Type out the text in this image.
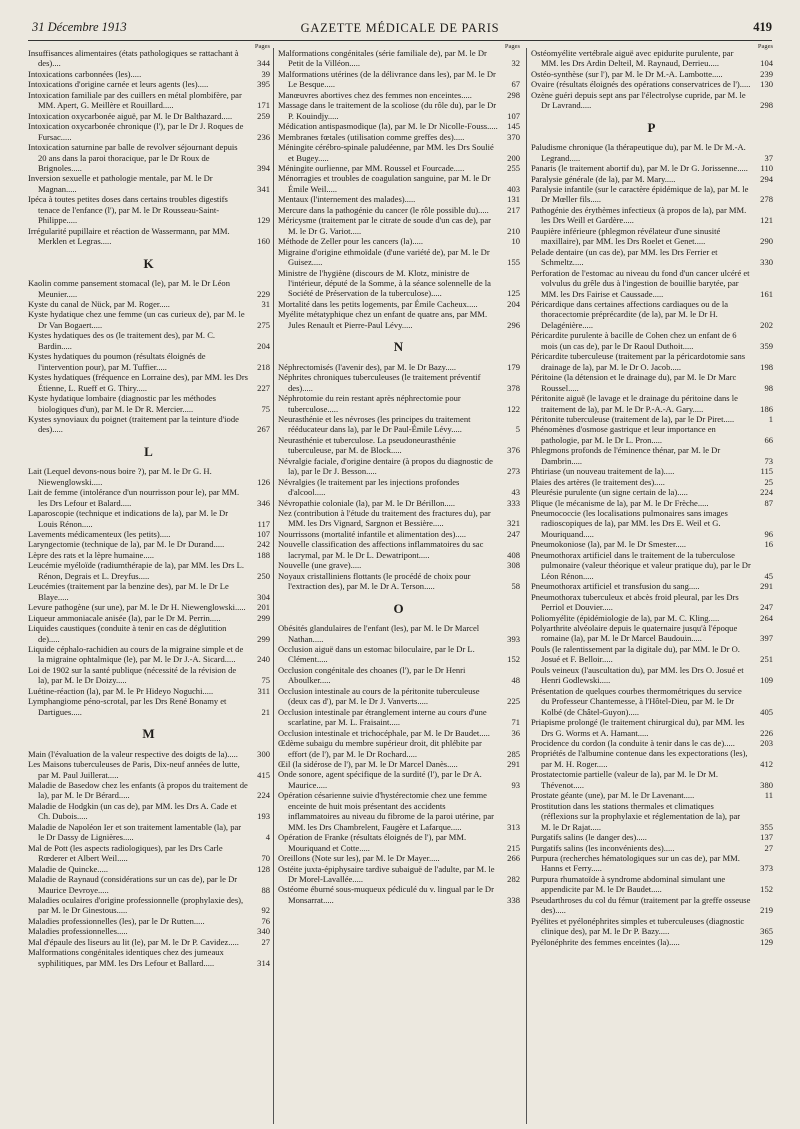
31 Décembre 1913	GAZETTE MÉDICALE DE PARIS	419
Pages
Insuffisances alimentaires (états pathologiques se rattachant à des)....	344
Intoxications carbonnées (les).....	39
Intoxications d'origine carnée et leurs agents (les).....	395
Intoxication familiale par des cuillers en métal plombifère, par MM. Apert, G. Meillère et Rouillard.....	171
Intoxication oxycarbonée aiguë, par M. le Dr Balthazard.....	259
Intoxication oxycarbonée chronique (l'), par le Dr J. Roques de Fursac.....	236
Intoxication saturnine par balle de revolver séjournant depuis 20 ans dans la paroi thoracique, par le Dr Roux de Brignoles.....	394
Inversion sexuelle et pathologie mentale, par M. le Dr Magnan.....	341
Ipéca à toutes petites doses dans certains troubles digestifs tenace de l'enfance (l'), par M. le Dr Rousseau-Saint-Philippe.....	129
Irrégularité pupillaire et réaction de Wassermann, par MM. Merklen et Legras.....	160
K
Kaolin comme pansement stomacal (le), par M. le Dr Léon Meunier.....	229
Kyste du canal de Nück, par M. Roger.....	31
Kyste hydatique chez une femme (un cas curieux de), par M. le Dr Van Bogaert.....	275
Kystes hydatiques des os (le traitement des), par M. C. Bardin.....	204
Kystes hydatiques du poumon (résultats éloignés de l'intervention pour), par M. Tuffier.....	218
Kystes hydatiques (fréquence en Lorraine des), par MM. les Drs Étienne, L. Rueff et G. Thiry.....	227
Kyste hydatique lombaire (diagnostic par les méthodes biologiques d'un), par M. le Dr R. Mercier.....	75
Kystes synoviaux du poignet (traitement par la teinture d'iode des).....	267
L
Lait (Lequel devons-nous boire ?), par M. le Dr G. H. Niewenglowski.....	126
Lait de femme (intolérance d'un nourrisson pour le), par MM. les Drs Lefour et Balard.....	346
Laparoscopie (technique et indications de la), par M. le Dr Louis Rénon.....	117
Lavements médicamenteux (les petits).....	107
Laryngectomie (technique de la), par M. le Dr Durand.....	242
Lèpre des rats et la lèpre humaine.....	188
Leucémie myéloïde (radiumthérapie de la), par MM. les Drs L. Rénon, Degrais et L. Dreyfus.....	250
Leucémies (traitement par la benzine des), par M. le Dr Le Blaye.....	304
Levure pathogène (sur une), par M. le Dr H. Niewenglowski..... 201
Liqueur ammoniacale anisée (la), par le Dr M. Perrin.....	299
Liquides caustiques (conduite à tenir en cas de déglutition de).....	299
Liquide céphalo-rachidien au cours de la migraine simple et de la migraine ophtalmique (le), par M. le Dr J.-A. Sicard.....	240
Loi de 1902 sur la santé publique (nécessité de la révision de la), par M. le Dr Doizy.....	75
Luétine-réaction (la), par M. le Pr Hideyo Noguchi.....	311
Lymphangiome péno-scrotal, par les Drs René Bonamy et Dartigues.....	21
M
Main (l'évaluation de la valeur respective des doigts de la)..... 300
Les Maisons tuberculeuses de Paris, Dix-neuf années de lutte, par M. Paul Juillerat.....	415
Maladie de Basedow chez les enfants (à propos du traitement de la), par M. le Dr Bérard.....	224
Maladie de Hodgkin (un cas de), par MM. les Drs A. Cade et Ch. Dubois.....	193
Maladie de Napoléon Ier et son traitement lamentable (la), par le Dr Dassy de Lignières.....	4
Mal de Pott (les aspects radiologiques), par les Drs Carle Rœderer et Albert Weil.....	70
Maladie de Quincke.....	128
Maladie de Raynaud (considérations sur un cas de), par le Dr Maurice Devroye.....	88
Maladies oculaires d'origine professionnelle (prophylaxie des), par M. le Dr Ginestous.....	92
Maladies professionnelles (les), par le Dr Rutten.....	76
Maladies professionnelles.....	340
Mal d'épaule des liseurs au lit (le), par M. le Dr P. Cavidez.....	27
Malformations congénitales identiques chez des jumeaux syphilitiques, par MM. les Drs Lefour et Ballard.....	314
Pages
Malformations congénitales (série familiale de), par M. le Dr Petit de la Villéon.....	32
Malformations utérines (de la délivrance dans les), par M. le Dr Le Besque.....	67
Manœuvres abortives chez des femmes non enceintes.....	298
Massage dans le traitement de la scoliose (du rôle du), par le Dr P. Kouindjy.....	107
Médication antispasmodique (la), par M. le Dr Nicolle-Fouss..... 145
Membranes fœtales (utilisation comme greffes des).....	370
Méningite cérébro-spinale paludéenne, par MM. les Drs Soulié et Bugey.....	200
Méningite ourlienne, par MM. Roussel et Fourcade.....	255
Ménorragies et troubles de coagulation sanguine, par M. le Dr Émile Weil.....	403
Mentaux (l'internement des malades).....	131
Mercure dans la pathogénie du cancer (le rôle possible du)..... 217
Méricysme (traitement par le citrate de soude d'un cas de), par M. le Dr G. Variot.....	210
Méthode de Zeller pour les cancers (la).....	10
Migraine d'origine ethmoïdale (d'une variété de), par M. le Dr Guisez.....	155
Ministre de l'hygiène (discours de M. Klotz, ministre de l'intérieur, député de la Somme, à la séance solennelle de la Société de Préservation de la tuberculose).....	125
Mortalité dans les petits logements, par Émile Cacheux.....	204
Myélite métatyphique chez un enfant de quatre ans, par MM. Jules Renault et Pierre-Paul Lévy.....	296
N
Néphrectomisés (l'avenir des), par M. le Dr Bazy.....	179
Néphrites chroniques tuberculeuses (le traitement préventif des).....	378
Néphrotomie du rein restant après néphrectomie pour tuberculose.....	122
Neurasthénie et les névroses (les principes du traitement rééducateur dans la), par le Dr Paul-Émile Lévy.....	5
Neurasthénie et tuberculose. La pseudoneurasthénie tuberculeuse, par M. de Block.....	376
Névralgie faciale, d'origine dentaire (à propos du diagnostic de la), par le Dr J. Besson.....	273
Névralgies (le traitement par les injections profondes d'alcool.....	43
Névropathie coloniale (la), par M. le Dr Bérillon.....	333
Nez (contribution à l'étude du traitement des fractures du), par MM. les Drs Vignard, Sargnon et Bessière.....	321
Nourrissons (mortalité infantile et alimentation des).....	247
Nouvelle classification des affections inflammatoires du sac lacrymal, par M. le Dr L. Dewatripont.....	408
Nouvelle (une grave).....	308
Noyaux cristalliniens flottants (le procédé de choix pour l'extraction des), par M. le Dr A. Terson.....	58
O
Obésités glandulaires de l'enfant (les), par M. le Dr Marcel Nathan.....	393
Occlusion aiguë dans un estomac biloculaire, par le Dr L. Clément.....	152
Occlusion congénitale des choanes (l'), par le Dr Henri Aboulker.....	48
Occlusion intestinale au cours de la péritonite tuberculeuse (deux cas d'), par M. le Dr J. Vanverts.....	225
Occlusion intestinale par étranglement interne au cours d'une scarlatine, par M. L. Fraisaint.....	71
Occlusion intestinale et trichocéphale, par M. le Dr Baudet.....	36
Œdème subaigu du membre supérieur droit, dit phlébite par effort (de l'), par M. le Dr Rochard.....	285
Œil (la sidérose de l'), par M. le Dr Marcel Danès.....	291
Onde sonore, agent spécifique de la surdité (l'), par le Dr A. Maurice.....	93
Opération césarienne suivie d'hystérectomie chez une femme enceinte de huit mois présentant des accidents inflammatoires au niveau du fibrome de la paroi utérine, par MM. les Drs Chambrelent, Faugère et Lafarque.....	313
Opération de Franke (résultats éloignés de l'), par MM. Mouriquand et Cotte.....	215
Oreillons (Note sur les), par M. le Dr Mayer.....	266
Ostéite juxta-épiphysaire tardive subaiguë de l'adulte, par M. le Dr Morel-Lavallée.....	282
Ostéome éburné sous-muqueux pédiculé du v. lingual par le Dr Monsarrat.....	338
Pages
Ostéomyélite vertébrale aiguë avec epidurite purulente, par MM. les Drs Ardin Delteil, M. Raynaud, Derrieu.....	104
Ostéo-synthèse (sur l'), par M. le Dr M.-A. Lambotte.....	239
Ovaire (résultats éloignés des opérations conservatrices de l')..... 130
Ozène guéri depuis sept ans par l'électrolyse cupride, par M. le Dr Lavrand.....	298
P
Paludisme chronique (la thérapeutique du), par M. le Dr M.-A. Legrand.....	37
Panaris (le traitement abortif du), par M. le Dr G. Jorissenne..... 110
Paralysie générale (de la), par M. Mary.....	294
Paralysie infantile (sur le caractère épidémique de la), par M. le Dr Mœller fils.....	278
Pathogénie des érythèmes infectieux (à propos de la), par MM. les Drs Weill et Gardère.....	121
Paupière inférieure (phlegmon révélateur d'une sinusité maxillaire), par MM. les Drs Roelet et Genet.....	290
Pelade dentaire (un cas de), par MM. les Drs Ferrier et Schmeltz.....	330
Perforation de l'estomac au niveau du fond d'un cancer ulcéré et volvulus du grêle dus à l'ingestion de bouillie barytée, par MM. les Drs Fairise et Caussade.....	161
Péricardique dans certaines affections cardiaques ou de la thoracectomie préprécardite (de la), par M. le Dr H. Delagénière.....	202
Péricardite purulente à bacille de Cohen chez un enfant de 6 mois (un cas de), par le Dr Raoul Duthoit.....	359
Péricardite tuberculeuse (traitement par la péricardotomie sans drainage de la), par M. le Dr O. Jacob.....	198
Péritoine (la détension et le drainage du), par M. le Dr Marc Roussel.....	98
Péritonite aiguë (le lavage et le drainage du péritoine dans le traitement de la), par M. le Dr P.-A.-A. Gary.....	186
Péritonite tuberculeuse (traitement de la), par le Dr Piret.....	1
Phénomènes d'osmose gastrique et leur importance en pathologie, par M. le Dr L. Pron.....	66
Phlegmons profonds de l'éminence thénar, par M. le Dr Dambrin.....	73
Phtiriase (un nouveau traitement de la).....	115
Plaies des artères (le traitement des).....	25
Pleurésie purulente (un signe certain de la).....	224
Plique (le mécanisme de la), par M. le Dr Frèche.....	87
Pneumococcie (les localisations pulmonaires sans images radioscopiques de la), par MM. les Drs E. Weil et G. Mouriquand.....	96
Pneumokoniose (la), par M. le Dr Smester.....	16
Pneumothorax artificiel dans le traitement de la tuberculose pulmonaire (valeur théorique et valeur pratique du), par le Dr Léon Rénon.....	45
Pneumothorax artificiel et transfusion du sang.....	291
Pneumothorax tuberculeux et abcès froid pleural, par les Drs Perriol et Douvier.....	247
Poliomyélite (épidémiologie de la), par M. C. Kling.....	264
Polyarthrite alvéolaire depuis le quaternaire jusqu'à l'époque romaine (la), par M. le Dr Marcel Baudouin.....	397
Pouls (le ralentissement par la digitale du), par MM. le Dr O. Josué et F. Belloir.....	251
Pouls veineux (l'auscultation du), par MM. les Drs O. Josué et Henri Godlewski.....	109
Présentation de quelques courbes thermométriques du service du Professeur Chantemesse, à l'Hôtel-Dieu, par M. le Dr Kolbé (de Châtel-Guyon).....	405
Priapisme prolongé (le traitement chirurgical du), par MM. les Drs G. Worms et A. Hamant.....	226
Procidence du cordon (la conduite à tenir dans le cas de).....	203
Propriétés de l'albumine contenue dans les expectorations (les), par M. H. Roger.....	412
Prostatectomie partielle (valeur de la), par M. le Dr M. Thévenot.....	380
Prostate géante (une), par M. le Dr Lavenant.....	11
Prostitution dans les stations thermales et climatiques (réflexions sur la prophylaxie et réglementation de la), par M. le Dr Rajat.....	355
Purgatifs salins (le danger des).....	137
Purgatifs salins (les inconvénients des).....	27
Purpura (recherches hématologiques sur un cas de), par MM. Hanns et Ferry.....	373
Purpura rhumatoïde à syndrome abdominal simulant une appendicite par M. le Dr Baudet.....	152
Pseudarthroses du col du fémur (traitement par la greffe osseuse des).....	219
Pyélites et pyélonéphrites simples et tuberculeuses (diagnostic clinique des), par M. le Dr P. Bazy.....	365
Pyélonéphrite des femmes enceintes (la).....	129
